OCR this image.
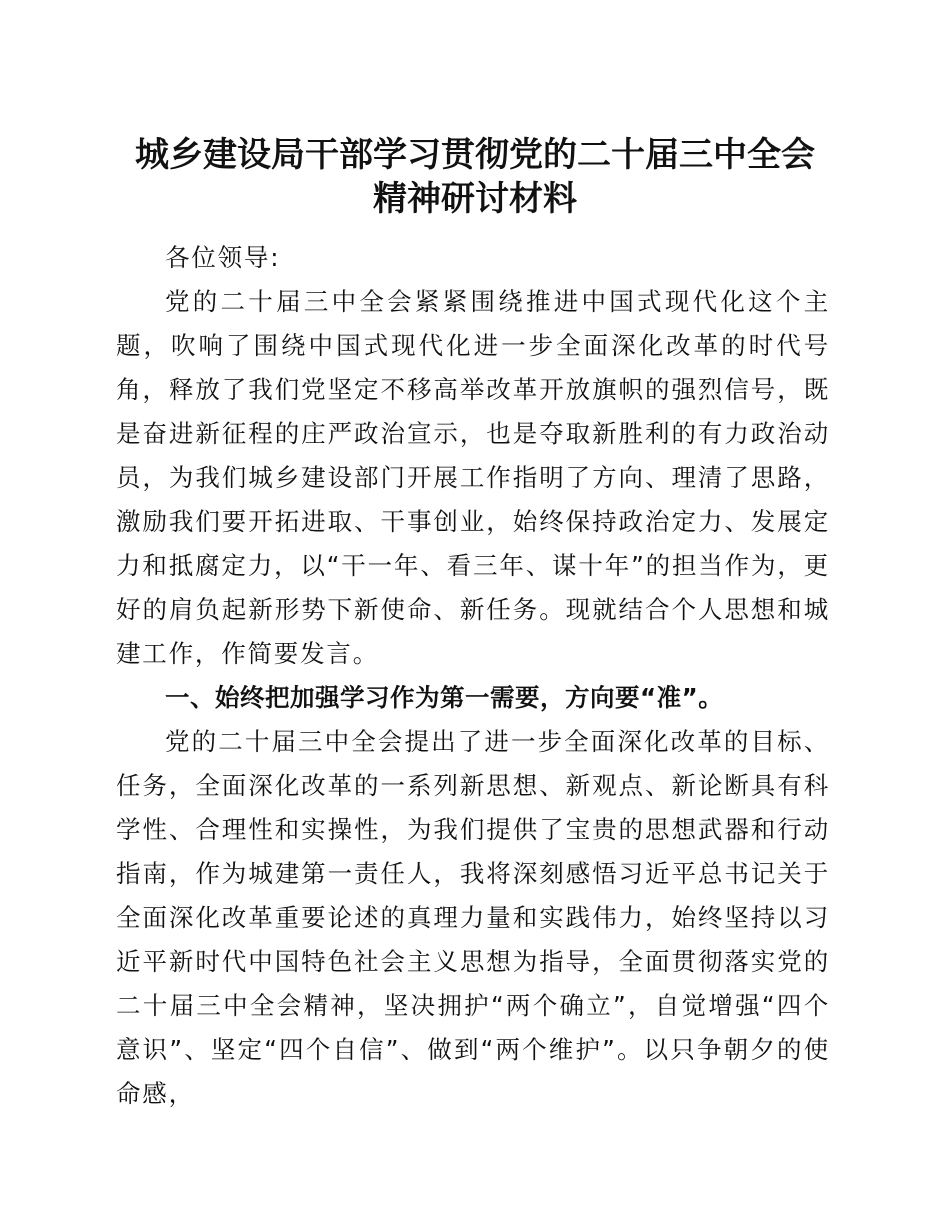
城乡建设局干部学习贯彻党的二十届三中全会
精神研讨材料

各位领导:

党的二十届三中全会紧紧围绕推进中国式现代化这个主题，吹响了围绕中国式现代化进一步全面深化改革的时代号角，释放了我们党坚定不移高举改革开放旗帜的强烈信号，既是奋进新征程的庄严政治宣示，也是夺取新胜利的有力政治动员，为我们城乡建设部门开展工作指明了方向、理清了思路，激励我们要开拓进取、干事创业，始终保持政治定力、发展定力和抵腐定力，以“干一年、看三年、谋十年”的担当作为，更好的肩负起新形势下新使命、新任务。现就结合个人思想和城建工作，作简要发言。

一、始终把加强学习作为第一需要，方向要“准”。

党的二十届三中全会提出了进一步全面深化改革的目标、任务，全面深化改革的一系列新思想、新观点、新论断具有科学性、合理性和实操性，为我们提供了宝贵的思想武器和行动指南，作为城建第一责任人，我将深刻感悟习近平总书记关于全面深化改革重要论述的真理力量和实践伟力，始终坚持以习近平新时代中国特色社会主义思想为指导，全面贯彻落实党的二十届三中全会精神，坚决拥护“两个确立”，自觉增强“四个意识”、坚定“四个自信”、做到“两个维护”。以只争朝夕的使命感，
